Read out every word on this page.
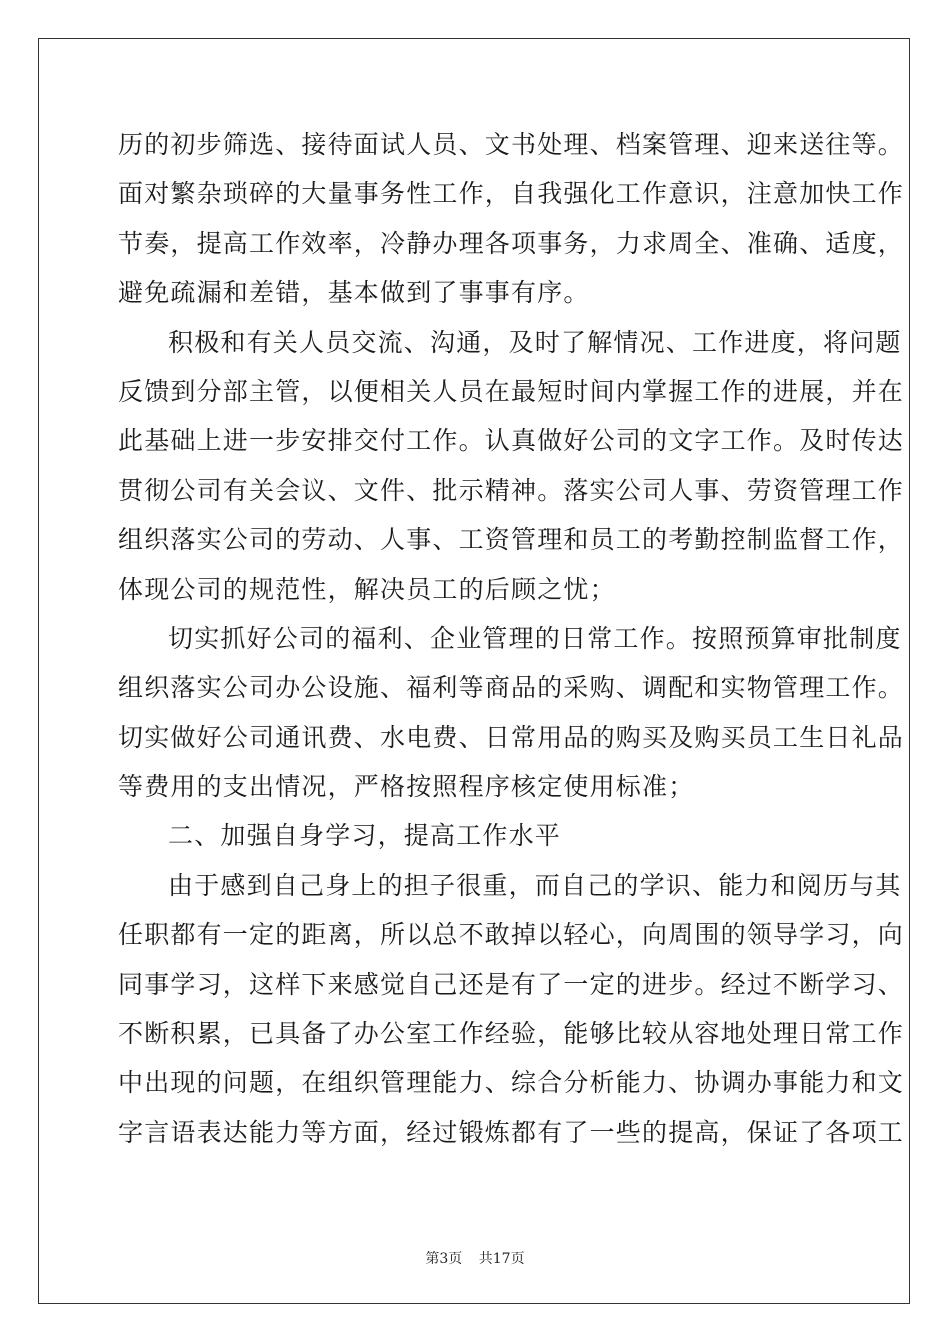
历的初步筛选、接待面试人员、文书处理、档案管理、迎来送往等。
面对繁杂琐碎的大量事务性工作，自我强化工作意识，注意加快工作
节奏，提高工作效率，冷静办理各项事务，力求周全、准确、适度，
避免疏漏和差错，基本做到了事事有序。
积极和有关人员交流、沟通，及时了解情况、工作进度，将问题
反馈到分部主管，以便相关人员在最短时间内掌握工作的进展，并在
此基础上进一步安排交付工作。认真做好公司的文字工作。及时传达
贯彻公司有关会议、文件、批示精神。落实公司人事、劳资管理工作
组织落实公司的劳动、人事、工资管理和员工的考勤控制监督工作，
体现公司的规范性，解决员工的后顾之忧；
切实抓好公司的福利、企业管理的日常工作。按照预算审批制度
组织落实公司办公设施、福利等商品的采购、调配和实物管理工作。
切实做好公司通讯费、水电费、日常用品的购买及购买员工生日礼品
等费用的支出情况，严格按照程序核定使用标准；
二、加强自身学习，提高工作水平
由于感到自己身上的担子很重，而自己的学识、能力和阅历与其
任职都有一定的距离，所以总不敢掉以轻心，向周围的领导学习，向
同事学习，这样下来感觉自己还是有了一定的进步。经过不断学习、
不断积累，已具备了办公室工作经验，能够比较从容地处理日常工作
中出现的问题，在组织管理能力、综合分析能力、协调办事能力和文
字言语表达能力等方面，经过锻炼都有了一些的提高，保证了各项工
第3页 共17页
